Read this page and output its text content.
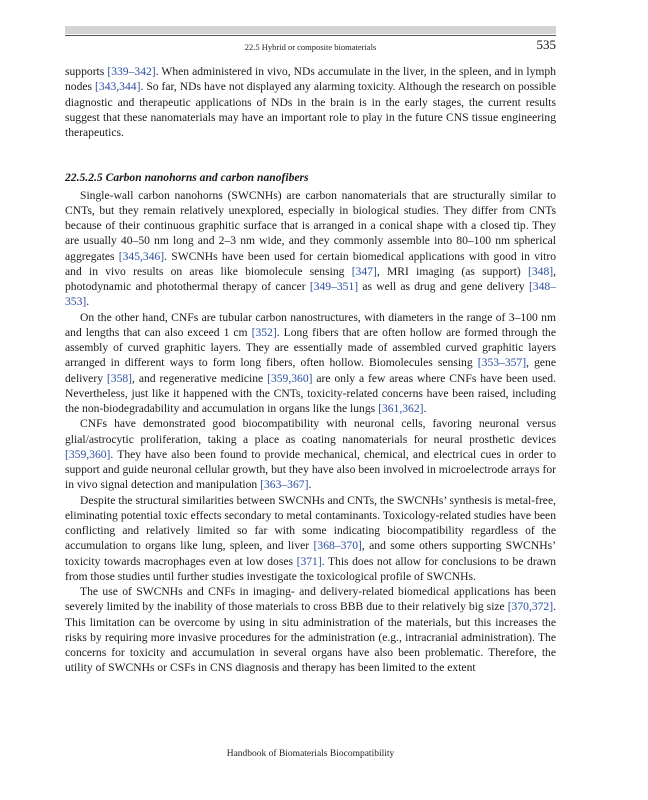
22.5 Hybrid or composite biomaterials	535

supports [339–342]. When administered in vivo, NDs accumulate in the liver, in the spleen, and in lymph nodes [343,344]. So far, NDs have not displayed any alarming toxicity. Although the research on possible diagnostic and therapeutic applications of NDs in the brain is in the early stages, the current results suggest that these nanomaterials may have an important role to play in the future CNS tissue engineering therapeutics.

22.5.2.5 Carbon nanohorns and carbon nanofibers

Single-wall carbon nanohorns (SWCNHs) are carbon nanomaterials that are structurally similar to CNTs, but they remain relatively unexplored, especially in biological studies. They differ from CNTs because of their continuous graphitic surface that is arranged in a conical shape with a closed tip. They are usually 40–50 nm long and 2–3 nm wide, and they commonly assemble into 80–100 nm spherical aggregates [345,346]. SWCNHs have been used for certain biomedical applications with good in vitro and in vivo results on areas like biomolecule sensing [347], MRI imaging (as support) [348], photodynamic and photothermal therapy of cancer [349–351] as well as drug and gene delivery [348–353].

On the other hand, CNFs are tubular carbon nanostructures, with diameters in the range of 3–100 nm and lengths that can also exceed 1 cm [352]. Long fibers that are often hollow are formed through the assembly of curved graphitic layers. They are essentially made of assembled curved graphitic layers arranged in different ways to form long fibers, often hollow. Biomolecules sensing [353–357], gene delivery [358], and regenerative medicine [359,360] are only a few areas where CNFs have been used. Nevertheless, just like it happened with the CNTs, toxicity-related concerns have been raised, including the non-biodegradability and accumulation in organs like the lungs [361,362].

CNFs have demonstrated good biocompatibility with neuronal cells, favoring neuronal versus glial/astrocytic proliferation, taking a place as coating nanomaterials for neural prosthetic devices [359,360]. They have also been found to provide mechanical, chemical, and electrical cues in order to support and guide neuronal cellular growth, but they have also been involved in microelectrode arrays for in vivo signal detection and manipulation [363–367].

Despite the structural similarities between SWCNHs and CNTs, the SWCNHs’ synthesis is metal-free, eliminating potential toxic effects secondary to metal contaminants. Toxicology-related studies have been conflicting and relatively limited so far with some indicating biocompatibility regardless of the accumulation to organs like lung, spleen, and liver [368–370], and some others supporting SWCNHs’ toxicity towards macrophages even at low doses [371]. This does not allow for conclusions to be drawn from those studies until further studies investigate the toxicological profile of SWCNHs.

The use of SWCNHs and CNFs in imaging- and delivery-related biomedical applications has been severely limited by the inability of those materials to cross BBB due to their relatively big size [370,372]. This limitation can be overcome by using in situ administration of the materials, but this increases the risks by requiring more invasive procedures for the administration (e.g., intracranial administration). The concerns for toxicity and accumulation in several organs have also been problematic. Therefore, the utility of SWCNHs or CSFs in CNS diagnosis and therapy has been limited to the extent

Handbook of Biomaterials Biocompatibility
